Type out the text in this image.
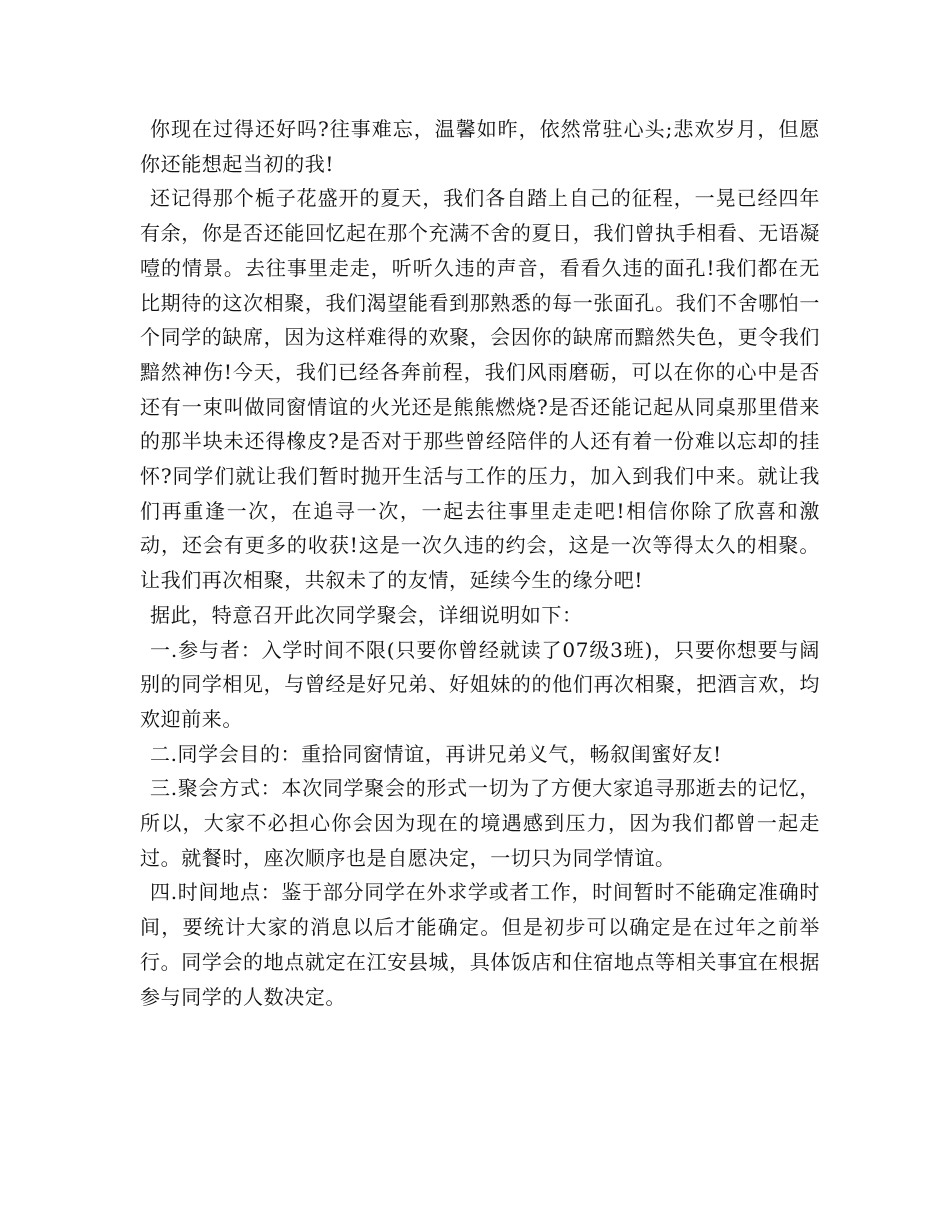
你现在过得还好吗?往事难忘，温馨如昨，依然常驻心头;悲欢岁月，但愿你还能想起当初的我!

还记得那个栀子花盛开的夏天，我们各自踏上自己的征程，一晃已经四年有余，你是否还能回忆起在那个充满不舍的夏日，我们曾执手相看、无语凝噎的情景。去往事里走走，听听久违的声音，看看久违的面孔!我们都在无比期待的这次相聚，我们渴望能看到那熟悉的每一张面孔。我们不舍哪怕一个同学的缺席，因为这样难得的欢聚，会因你的缺席而黯然失色，更令我们黯然神伤!今天，我们已经各奔前程，我们风雨磨砺，可以在你的心中是否还有一束叫做同窗情谊的火光还是熊熊燃烧?是否还能记起从同桌那里借来的那半块未还得橡皮?是否对于那些曾经陪伴的人还有着一份难以忘却的挂怀?同学们就让我们暂时抛开生活与工作的压力，加入到我们中来。就让我们再重逢一次，在追寻一次，一起去往事里走走吧!相信你除了欣喜和激动，还会有更多的收获!这是一次久违的约会，这是一次等得太久的相聚。让我们再次相聚，共叙未了的友情，延续今生的缘分吧!

据此，特意召开此次同学聚会，详细说明如下：

一.参与者：入学时间不限(只要你曾经就读了07级3班)，只要你想要与阔别的同学相见，与曾经是好兄弟、好姐妹的的他们再次相聚，把酒言欢，均欢迎前来。

二.同学会目的：重拾同窗情谊，再讲兄弟义气，畅叙闺蜜好友!

三.聚会方式：本次同学聚会的形式一切为了方便大家追寻那逝去的记忆，所以，大家不必担心你会因为现在的境遇感到压力，因为我们都曾一起走过。就餐时，座次顺序也是自愿决定，一切只为同学情谊。

四.时间地点：鉴于部分同学在外求学或者工作，时间暂时不能确定准确时间，要统计大家的消息以后才能确定。但是初步可以确定是在过年之前举行。同学会的地点就定在江安县城，具体饭店和住宿地点等相关事宜在根据参与同学的人数决定。
